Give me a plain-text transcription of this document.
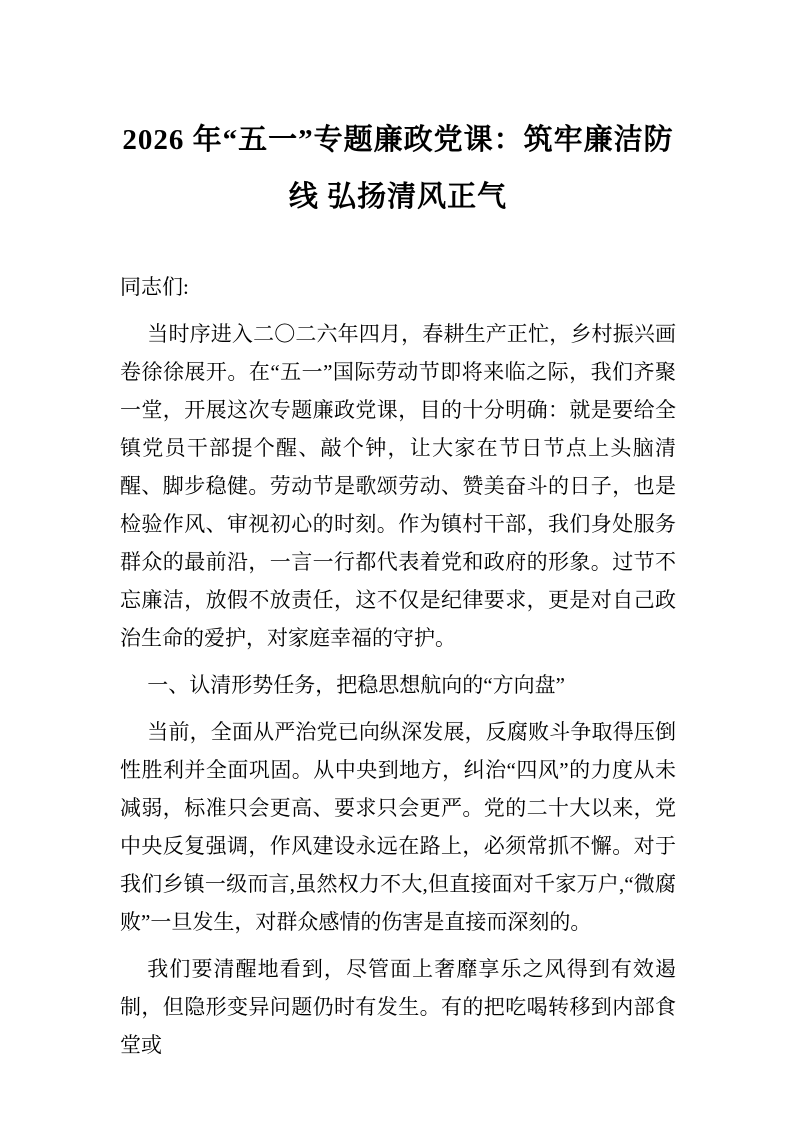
2026 年“五一”专题廉政党课：筑牢廉洁防线 弘扬清风正气

同志们:

当时序进入二〇二六年四月，春耕生产正忙，乡村振兴画卷徐徐展开。在“五一”国际劳动节即将来临之际，我们齐聚一堂，开展这次专题廉政党课，目的十分明确：就是要给全镇党员干部提个醒、敲个钟，让大家在节日节点上头脑清醒、脚步稳健。劳动节是歌颂劳动、赞美奋斗的日子，也是检验作风、审视初心的时刻。作为镇村干部，我们身处服务群众的最前沿，一言一行都代表着党和政府的形象。过节不忘廉洁，放假不放责任，这不仅是纪律要求，更是对自己政治生命的爱护，对家庭幸福的守护。

一、认清形势任务，把稳思想航向的“方向盘”

当前，全面从严治党已向纵深发展，反腐败斗争取得压倒性胜利并全面巩固。从中央到地方，纠治“四风”的力度从未减弱，标准只会更高、要求只会更严。党的二十大以来，党中央反复强调，作风建设永远在路上，必须常抓不懈。对于我们乡镇一级而言,虽然权力不大,但直接面对千家万户,“微腐败”一旦发生，对群众感情的伤害是直接而深刻的。

我们要清醒地看到，尽管面上奢靡享乐之风得到有效遏制，但隐形变异问题仍时有发生。有的把吃喝转移到内部食堂或
